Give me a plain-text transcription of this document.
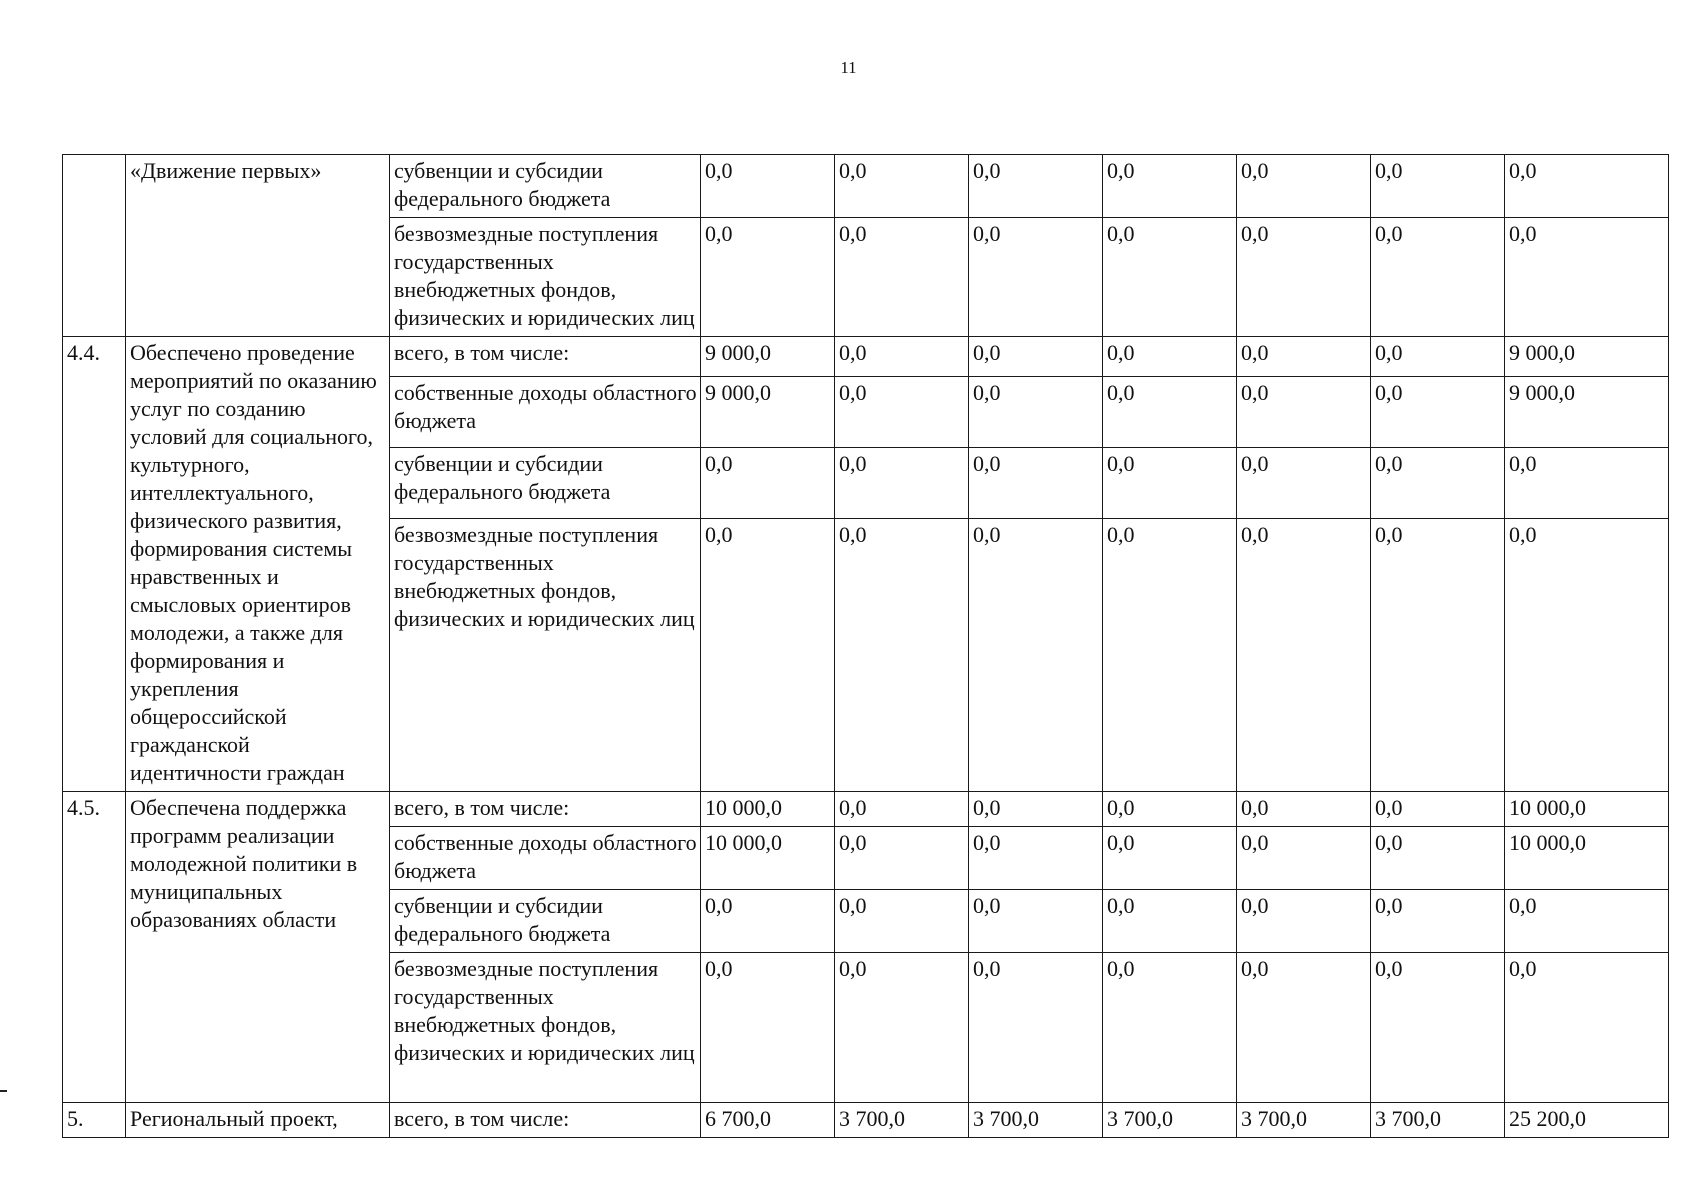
11
	«Движение первых»	субвенции и субсидии федерального бюджета	0,0	0,0	0,0	0,0	0,0	0,0	0,0
		безвозмездные поступления государственных внебюджетных фондов, физических и юридических лиц	0,0	0,0	0,0	0,0	0,0	0,0	0,0
4.4.	Обеспечено проведение мероприятий по оказанию услуг по созданию условий для социального, культурного, интеллектуального, физического развития, формирования системы нравственных и смысловых ориентиров молодежи, а также для формирования и укрепления общероссийской гражданской идентичности граждан	всего, в том числе:	9 000,0	0,0	0,0	0,0	0,0	0,0	9 000,0
		собственные доходы областного бюджета	9 000,0	0,0	0,0	0,0	0,0	0,0	9 000,0
		субвенции и субсидии федерального бюджета	0,0	0,0	0,0	0,0	0,0	0,0	0,0
		безвозмездные поступления государственных внебюджетных фондов, физических и юридических лиц	0,0	0,0	0,0	0,0	0,0	0,0	0,0
4.5.	Обеспечена поддержка программ реализации молодежной политики в муниципальных образованиях области	всего, в том числе:	10 000,0	0,0	0,0	0,0	0,0	0,0	10 000,0
		собственные доходы областного бюджета	10 000,0	0,0	0,0	0,0	0,0	0,0	10 000,0
		субвенции и субсидии федерального бюджета	0,0	0,0	0,0	0,0	0,0	0,0	0,0
		безвозмездные поступления государственных внебюджетных фондов, физических и юридических лиц	0,0	0,0	0,0	0,0	0,0	0,0	0,0
5.	Региональный проект,	всего, в том числе:	6 700,0	3 700,0	3 700,0	3 700,0	3 700,0	3 700,0	25 200,0
